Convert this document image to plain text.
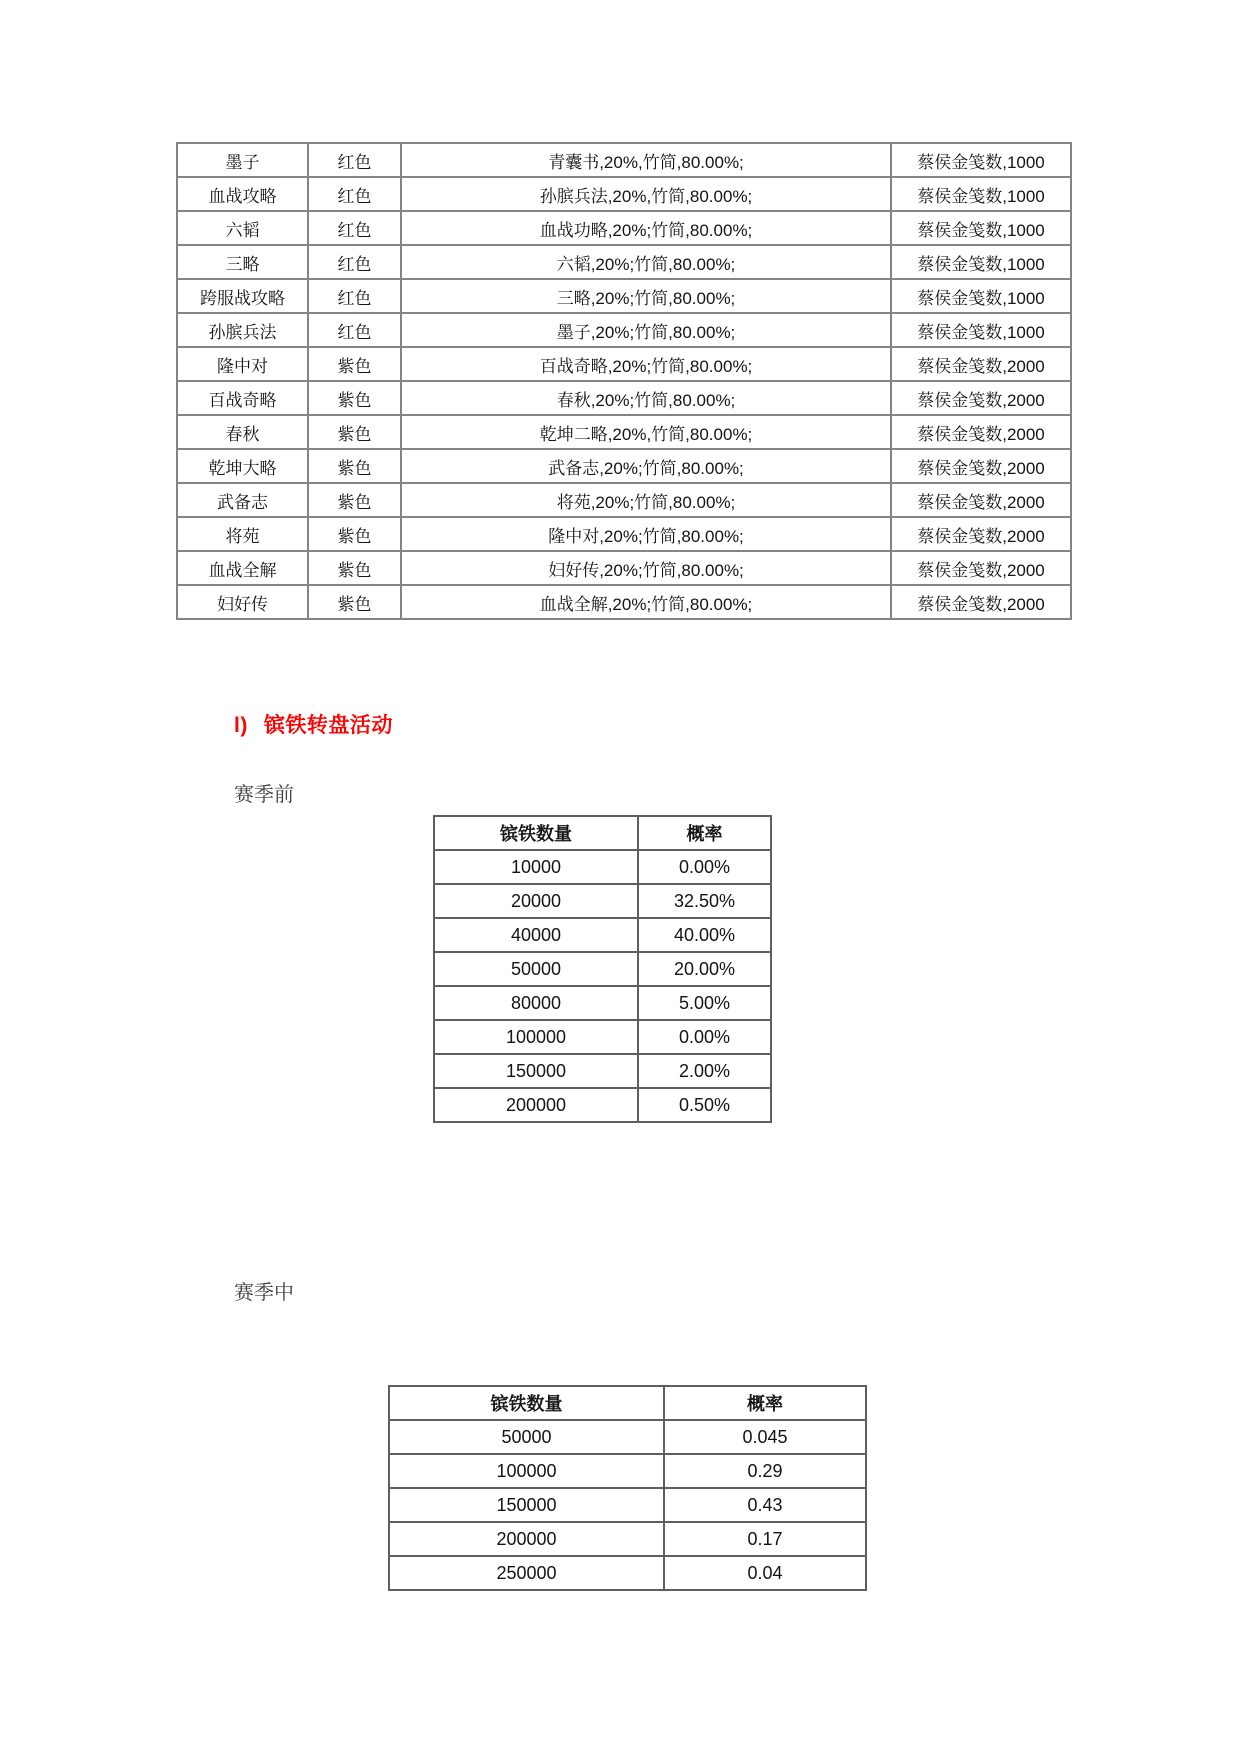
墨子	红色	青囊书,20%,竹简,80.00%;	蔡侯金笺数,1000
血战攻略	红色	孙膑兵法,20%,竹简,80.00%;	蔡侯金笺数,1000
六韬	红色	血战功略,20%;竹简,80.00%;	蔡侯金笺数,1000
三略	红色	六韬,20%;竹简,80.00%;	蔡侯金笺数,1000
跨服战攻略	红色	三略,20%;竹简,80.00%;	蔡侯金笺数,1000
孙膑兵法	红色	墨子,20%;竹简,80.00%;	蔡侯金笺数,1000
隆中对	紫色	百战奇略,20%;竹简,80.00%;	蔡侯金笺数,2000
百战奇略	紫色	春秋,20%;竹简,80.00%;	蔡侯金笺数,2000
春秋	紫色	乾坤二略,20%,竹简,80.00%;	蔡侯金笺数,2000
乾坤大略	紫色	武备志,20%;竹简,80.00%;	蔡侯金笺数,2000
武备志	紫色	将苑,20%;竹简,80.00%;	蔡侯金笺数,2000
将苑	紫色	隆中对,20%;竹简,80.00%;	蔡侯金笺数,2000
血战全解	紫色	妇好传,20%;竹简,80.00%;	蔡侯金笺数,2000
妇好传	紫色	血战全解,20%;竹简,80.00%;	蔡侯金笺数,2000
l) 镔铁转盘活动
赛季前
镔铁数量	概率
10000	0.00%
20000	32.50%
40000	40.00%
50000	20.00%
80000	5.00%
100000	0.00%
150000	2.00%
200000	0.50%
赛季中
镔铁数量	概率
50000	0.045
100000	0.29
150000	0.43
200000	0.17
250000	0.04
